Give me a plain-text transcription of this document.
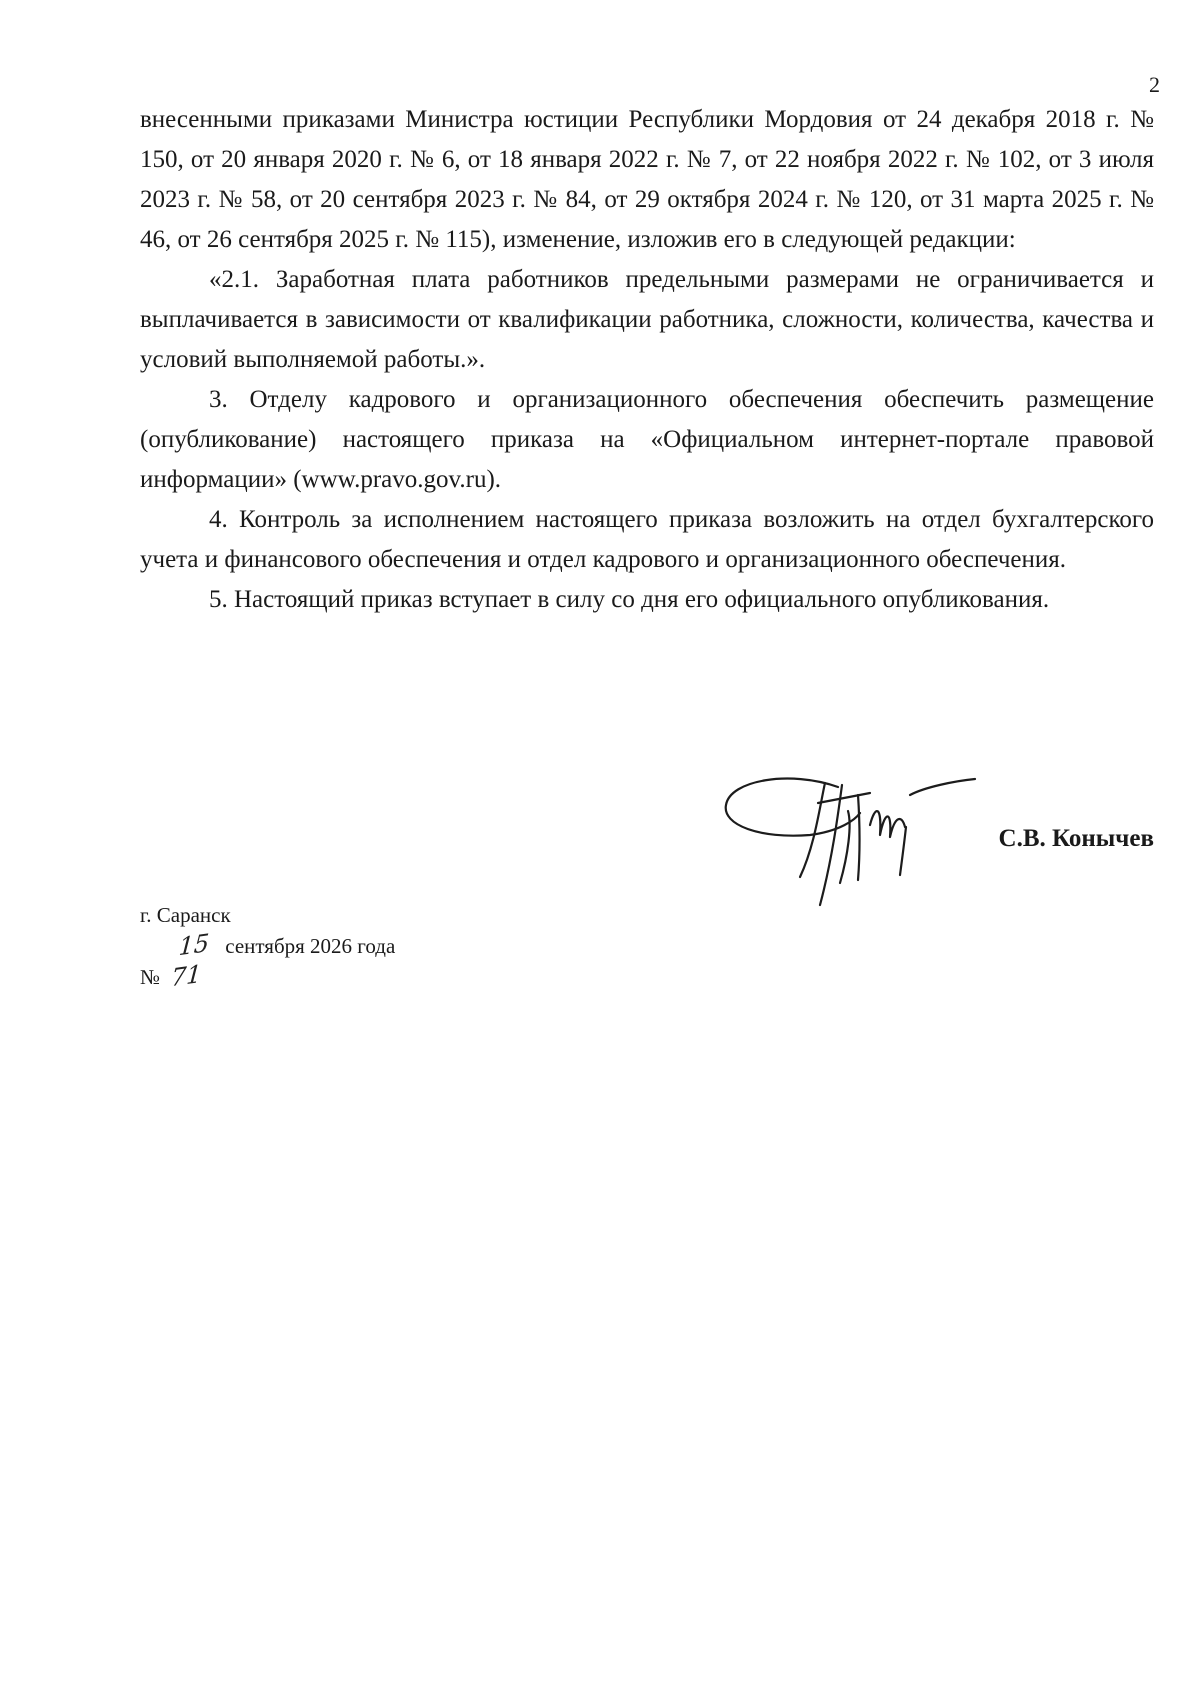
2

внесенными приказами Министра юстиции Республики Мордовия от 24 декабря 2018 г. № 150, от 20 января 2020 г. № 6, от 18 января 2022 г. № 7, от 22 ноября 2022 г. № 102, от 3 июля 2023 г. № 58, от 20 сентября 2023 г. № 84, от 29 октября 2024 г. № 120, от 31 марта 2025 г. № 46, от 26 сентября 2025 г. № 115), изменение, изложив его в следующей редакции:

«2.1. Заработная плата работников предельными размерами не ограничивается и выплачивается в зависимости от квалификации работника, сложности, количества, качества и условий выполняемой работы.».

3. Отделу кадрового и организационного обеспечения обеспечить размещение (опубликование) настоящего приказа на «Официальном интернет-портале правовой информации» (www.pravo.gov.ru).

4. Контроль за исполнением настоящего приказа возложить на отдел бухгалтерского учета и финансового обеспечения и отдел кадрового и организационного обеспечения.

5. Настоящий приказ вступает в силу со дня его официального опубликования.

С.В. Конычев
г. Саранск
15 сентября 2026 года
№ 71
